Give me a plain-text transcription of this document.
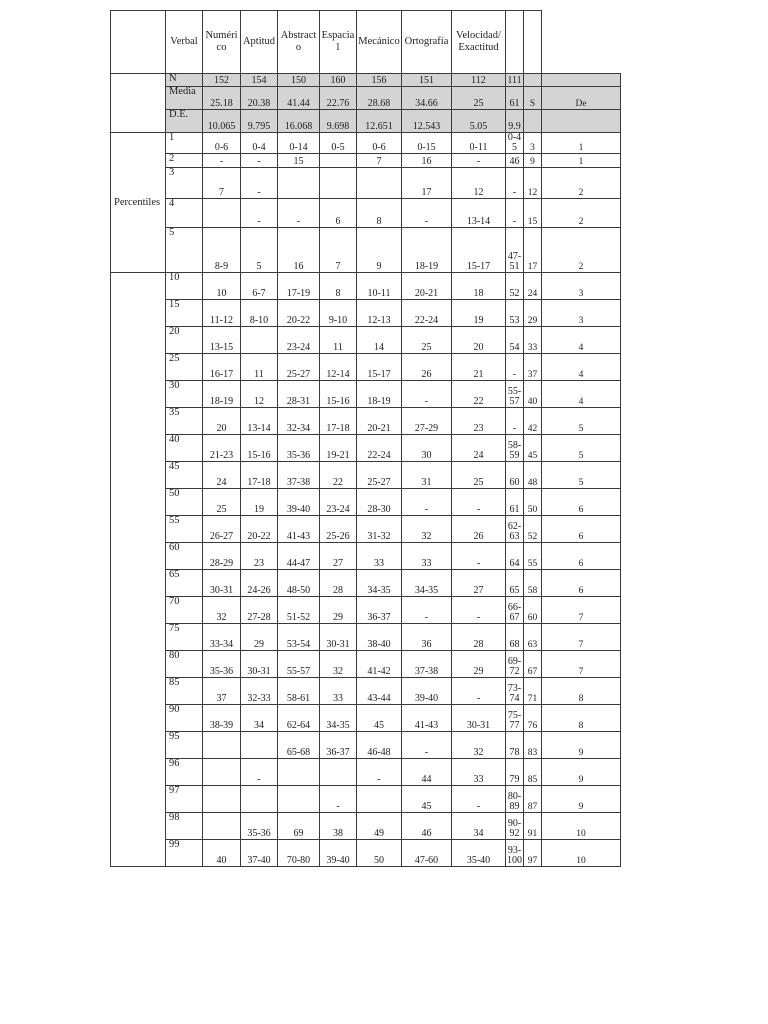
	Verbal	Numérico	Aptitud	Abstracto	Espacial	Mecánico	Ortografía	Velocidad/ Exactitud			
	N	152	154	150	160	156	151	112	111		
	Media	25.18	20.38	41.44	22.76	28.68	34.66	25	61	S	De
	D.E.	10.065	9.795	16.068	9.698	12.651	12.543	5.05	9.9		
Percentiles	1	0-6	0-4	0-14	0-5	0-6	0-15	0-11	0-45	3	1
	2	-	-	15		7	16	-	46	9	1
	3	7	-				17	12	-	12	2
	4		-	-	6	8	-	13-14	-	15	2
	5	8-9	5	16	7	9	18-19	15-17	47-51	17	2
	10	10	6-7	17-19	8	10-11	20-21	18	52	24	3
	15	11-12	8-10	20-22	9-10	12-13	22-24	19	53	29	3
	20	13-15		23-24	11	14	25	20	54	33	4
	25	16-17	11	25-27	12-14	15-17	26	21	-	37	4
	30	18-19	12	28-31	15-16	18-19	-	22	55-57	40	4
	35	20	13-14	32-34	17-18	20-21	27-29	23	-	42	5
	40	21-23	15-16	35-36	19-21	22-24	30	24	58-59	45	5
	45	24	17-18	37-38	22	25-27	31	25	60	48	5
	50	25	19	39-40	23-24	28-30	-	-	61	50	6
	55	26-27	20-22	41-43	25-26	31-32	32	26	62-63	52	6
	60	28-29	23	44-47	27	33	33	-	64	55	6
	65	30-31	24-26	48-50	28	34-35	34-35	27	65	58	6
	70	32	27-28	51-52	29	36-37	-	-	66-67	60	7
	75	33-34	29	53-54	30-31	38-40	36	28	68	63	7
	80	35-36	30-31	55-57	32	41-42	37-38	29	69-72	67	7
	85	37	32-33	58-61	33	43-44	39-40	-	73-74	71	8
	90	38-39	34	62-64	34-35	45	41-43	30-31	75-77	76	8
	95			65-68	36-37	46-48	-	32	78	83	9
	96		-			-	44	33	79	85	9
	97				-		45	-	80-89	87	9
	98		35-36	69	38	49	46	34	90-92	91	10
	99	40	37-40	70-80	39-40	50	47-60	35-40	93-100	97	10
